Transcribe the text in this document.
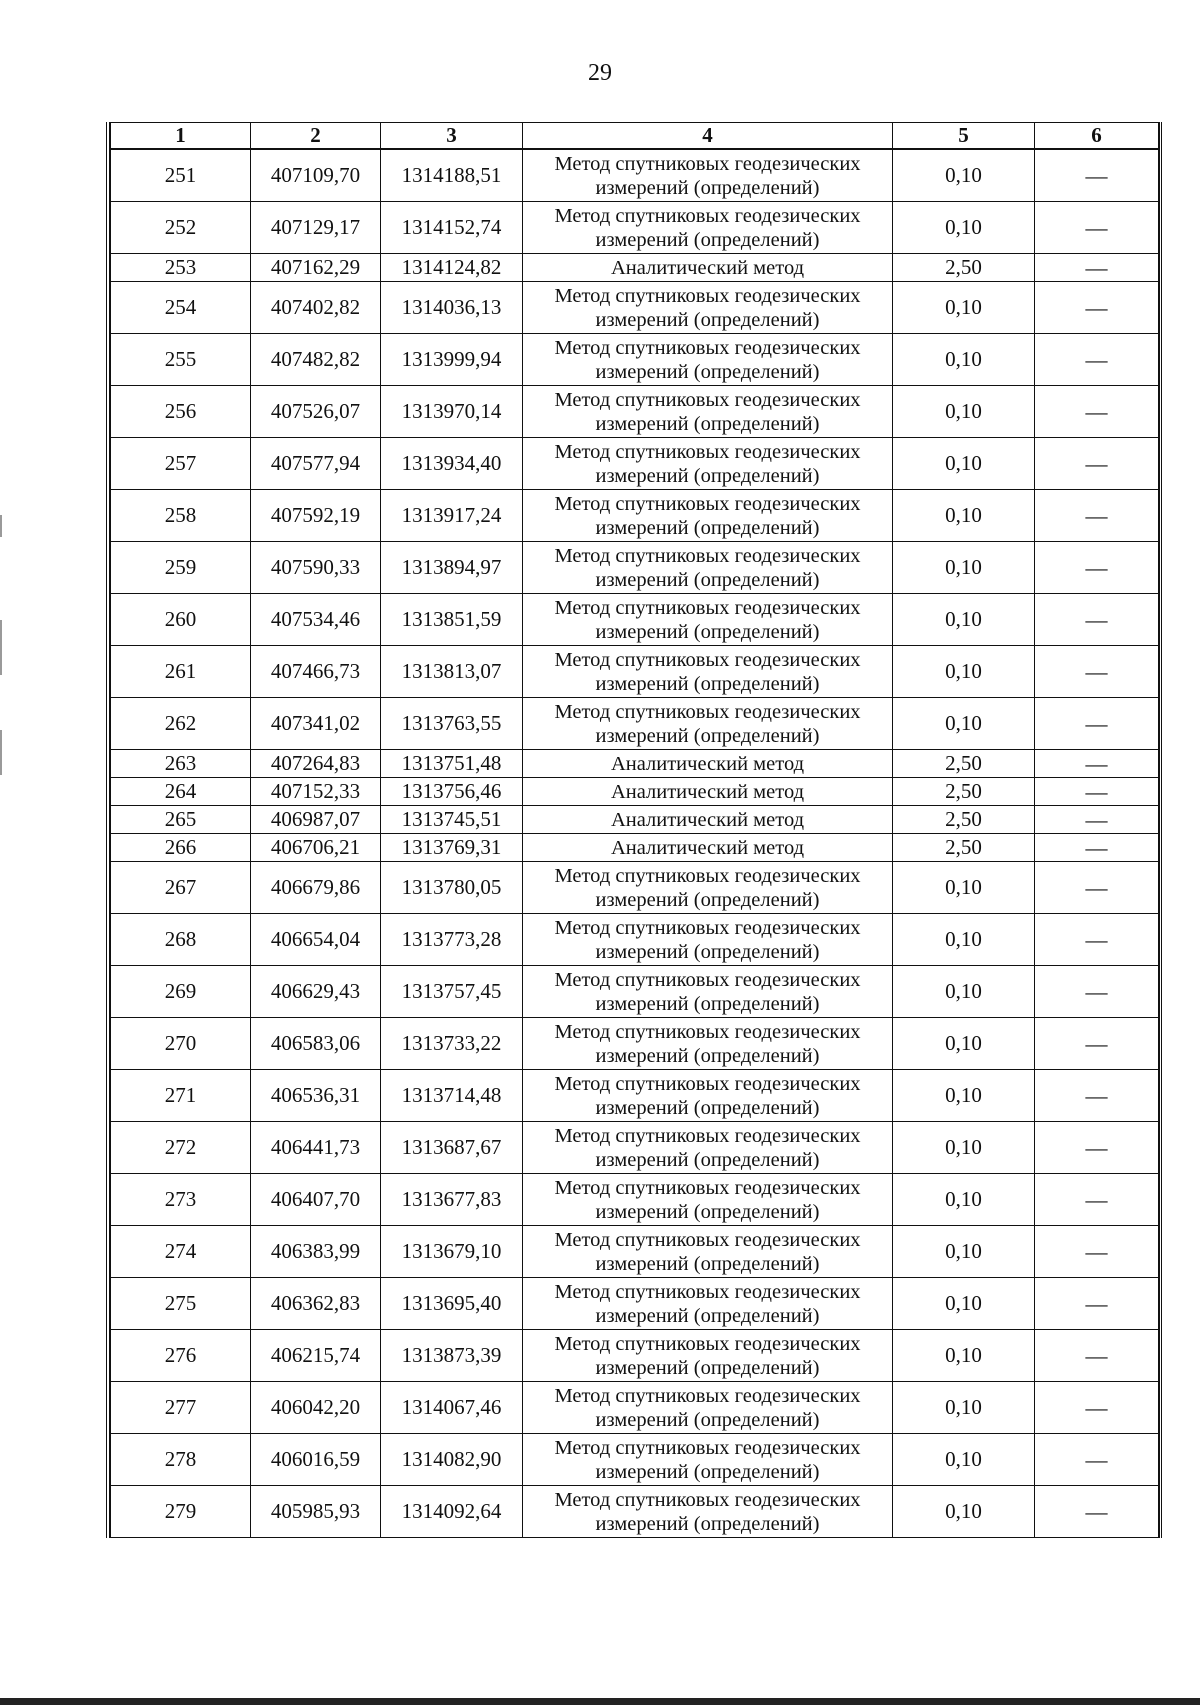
29
1	2	3	4	5	6
251	407109,70	1314188,51	Метод спутниковых геодезических измерений (определений)	0,10	—
252	407129,17	1314152,74	Метод спутниковых геодезических измерений (определений)	0,10	—
253	407162,29	1314124,82	Аналитический метод	2,50	—
254	407402,82	1314036,13	Метод спутниковых геодезических измерений (определений)	0,10	—
255	407482,82	1313999,94	Метод спутниковых геодезических измерений (определений)	0,10	—
256	407526,07	1313970,14	Метод спутниковых геодезических измерений (определений)	0,10	—
257	407577,94	1313934,40	Метод спутниковых геодезических измерений (определений)	0,10	—
258	407592,19	1313917,24	Метод спутниковых геодезических измерений (определений)	0,10	—
259	407590,33	1313894,97	Метод спутниковых геодезических измерений (определений)	0,10	—
260	407534,46	1313851,59	Метод спутниковых геодезических измерений (определений)	0,10	—
261	407466,73	1313813,07	Метод спутниковых геодезических измерений (определений)	0,10	—
262	407341,02	1313763,55	Метод спутниковых геодезических измерений (определений)	0,10	—
263	407264,83	1313751,48	Аналитический метод	2,50	—
264	407152,33	1313756,46	Аналитический метод	2,50	—
265	406987,07	1313745,51	Аналитический метод	2,50	—
266	406706,21	1313769,31	Аналитический метод	2,50	—
267	406679,86	1313780,05	Метод спутниковых геодезических измерений (определений)	0,10	—
268	406654,04	1313773,28	Метод спутниковых геодезических измерений (определений)	0,10	—
269	406629,43	1313757,45	Метод спутниковых геодезических измерений (определений)	0,10	—
270	406583,06	1313733,22	Метод спутниковых геодезических измерений (определений)	0,10	—
271	406536,31	1313714,48	Метод спутниковых геодезических измерений (определений)	0,10	—
272	406441,73	1313687,67	Метод спутниковых геодезических измерений (определений)	0,10	—
273	406407,70	1313677,83	Метод спутниковых геодезических измерений (определений)	0,10	—
274	406383,99	1313679,10	Метод спутниковых геодезических измерений (определений)	0,10	—
275	406362,83	1313695,40	Метод спутниковых геодезических измерений (определений)	0,10	—
276	406215,74	1313873,39	Метод спутниковых геодезических измерений (определений)	0,10	—
277	406042,20	1314067,46	Метод спутниковых геодезических измерений (определений)	0,10	—
278	406016,59	1314082,90	Метод спутниковых геодезических измерений (определений)	0,10	—
279	405985,93	1314092,64	Метод спутниковых геодезических измерений (определений)	0,10	—
